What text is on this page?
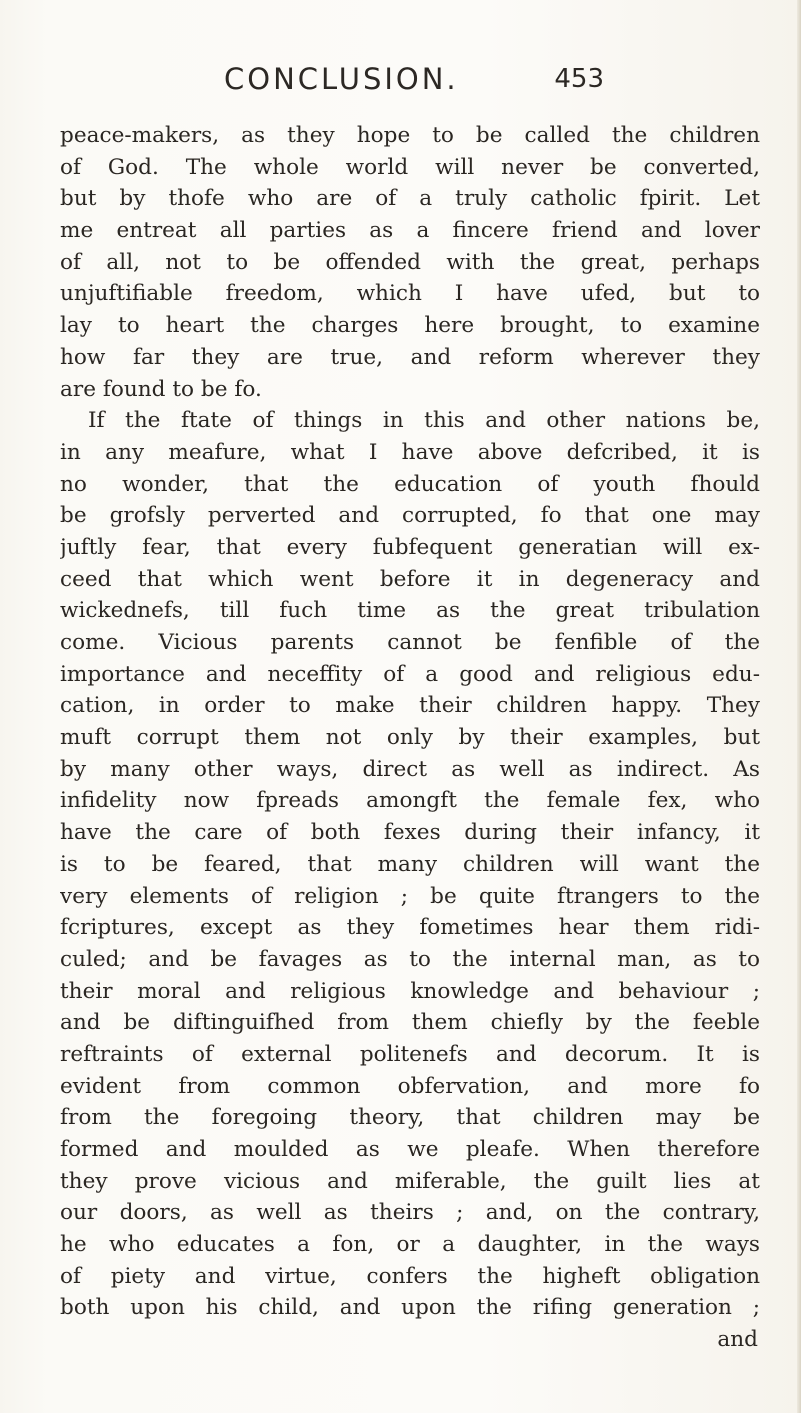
CONCLUSION.	453
peace-makers, as they hope to be called the children
of God. The whole world will never be converted,
but by thofe who are of a truly catholic fpirit. Let
me entreat all parties as a fincere friend and lover
of all, not to be offended with the great, perhaps
unjuftifiable freedom, which I have ufed, but to
lay to heart the charges here brought, to examine
how far they are true, and reform wherever they
are found to be fo.
If the ftate of things in this and other nations be,
in any meafure, what I have above defcribed, it is
no wonder, that the education of youth fhould
be grofsly perverted and corrupted, fo that one may
juftly fear, that every fubfequent generatian will ex-
ceed that which went before it in degeneracy and
wickednefs, till fuch time as the great tribulation
come. Vicious parents cannot be fenfible of the
importance and neceffity of a good and religious edu-
cation, in order to make their children happy. They
muft corrupt them not only by their examples, but
by many other ways, direct as well as indirect. As
infidelity now fpreads amongft the female fex, who
have the care of both fexes during their infancy, it
is to be feared, that many children will want the
very elements of religion ; be quite ftrangers to the
fcriptures, except as they fometimes hear them ridi-
culed; and be favages as to the internal man, as to
their moral and religious knowledge and behaviour ;
and be diftinguifhed from them chiefly by the feeble
reftraints of external politenefs and decorum. It is
evident from common obfervation, and more fo
from the foregoing theory, that children may be
formed and moulded as we pleafe. When therefore
they prove vicious and miferable, the guilt lies at
our doors, as well as theirs ; and, on the contrary,
he who educates a fon, or a daughter, in the ways
of piety and virtue, confers the higheft obligation
both upon his child, and upon the rifing generation ;
and
